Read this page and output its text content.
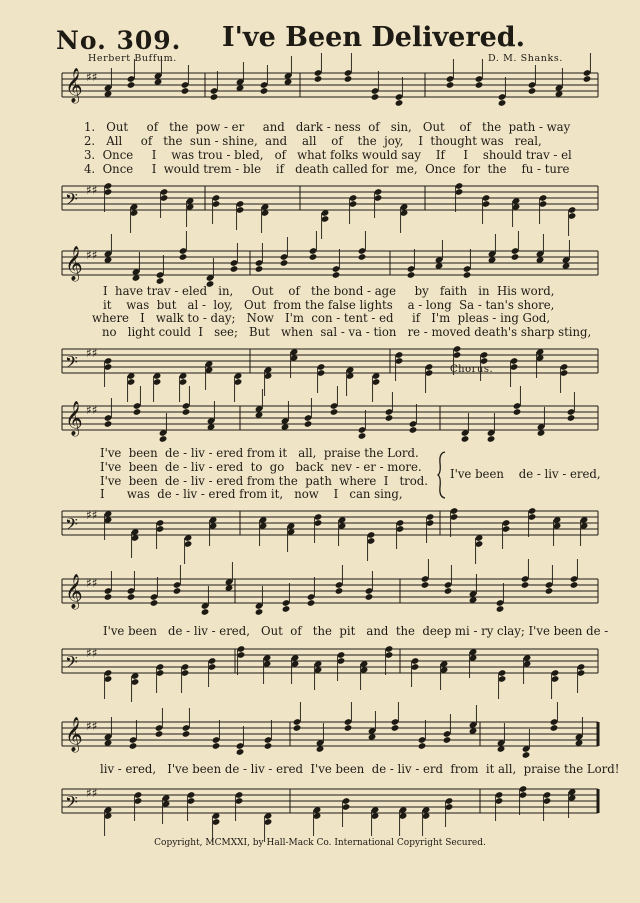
No. 309. I've Been Delivered.
Herbert Buffum.	D. M. Shanks.
𝄞 ♯♯
1.   Out     of   the  pow - er     and   dark - ness  of   sin,   Out    of   the  path - way
2.   All     of   the  sun - shine,  and    all    of    the  joy,    I  thought was   real,
3.  Once     I    was trou - bled,   of   what folks would say    If     I    should trav - el
4.  Once     I  would trem - ble    if   death called for  me,  Once  for  the    fu - ture
𝄢 ♯♯
𝄞 ♯♯
I  have trav - eled   in,     Out    of   the bond - age     by   faith   in  His word,
it    was  but   al -  loy,   Out  from the false lights    a - long  Sa - tan's shore,
where   I   walk to - day;   Now   I'm  con - tent - ed     if   I'm  pleas - ing God,
no   light could  I   see;   But   when  sal - va - tion   re - moved death's sharp sting,
𝄢 ♯♯
Chorus.
𝄞 ♯♯
I've  been  de - liv - ered from it   all,  praise the Lord.
I've  been  de - liv - ered  to  go   back  nev - er - more.
I've  been  de - liv - ered from the  path  where  I   trod.
I      was  de - liv - ered from it,   now    I   can sing,
I've been    de - liv - ered,
𝄢 ♯♯
𝄞 ♯♯
I've been   de - liv - ered,   Out  of   the  pit   and  the  deep mi - ry clay; I've been de -
𝄢 ♯♯
𝄞 ♯♯
liv - ered,   I've been de - liv - ered  I've been  de - liv - erd  from  it all,  praise the Lord!
𝄢 ♯♯
Copyright, MCMXXI, by Hall-Mack Co. International Copyright Secured.
